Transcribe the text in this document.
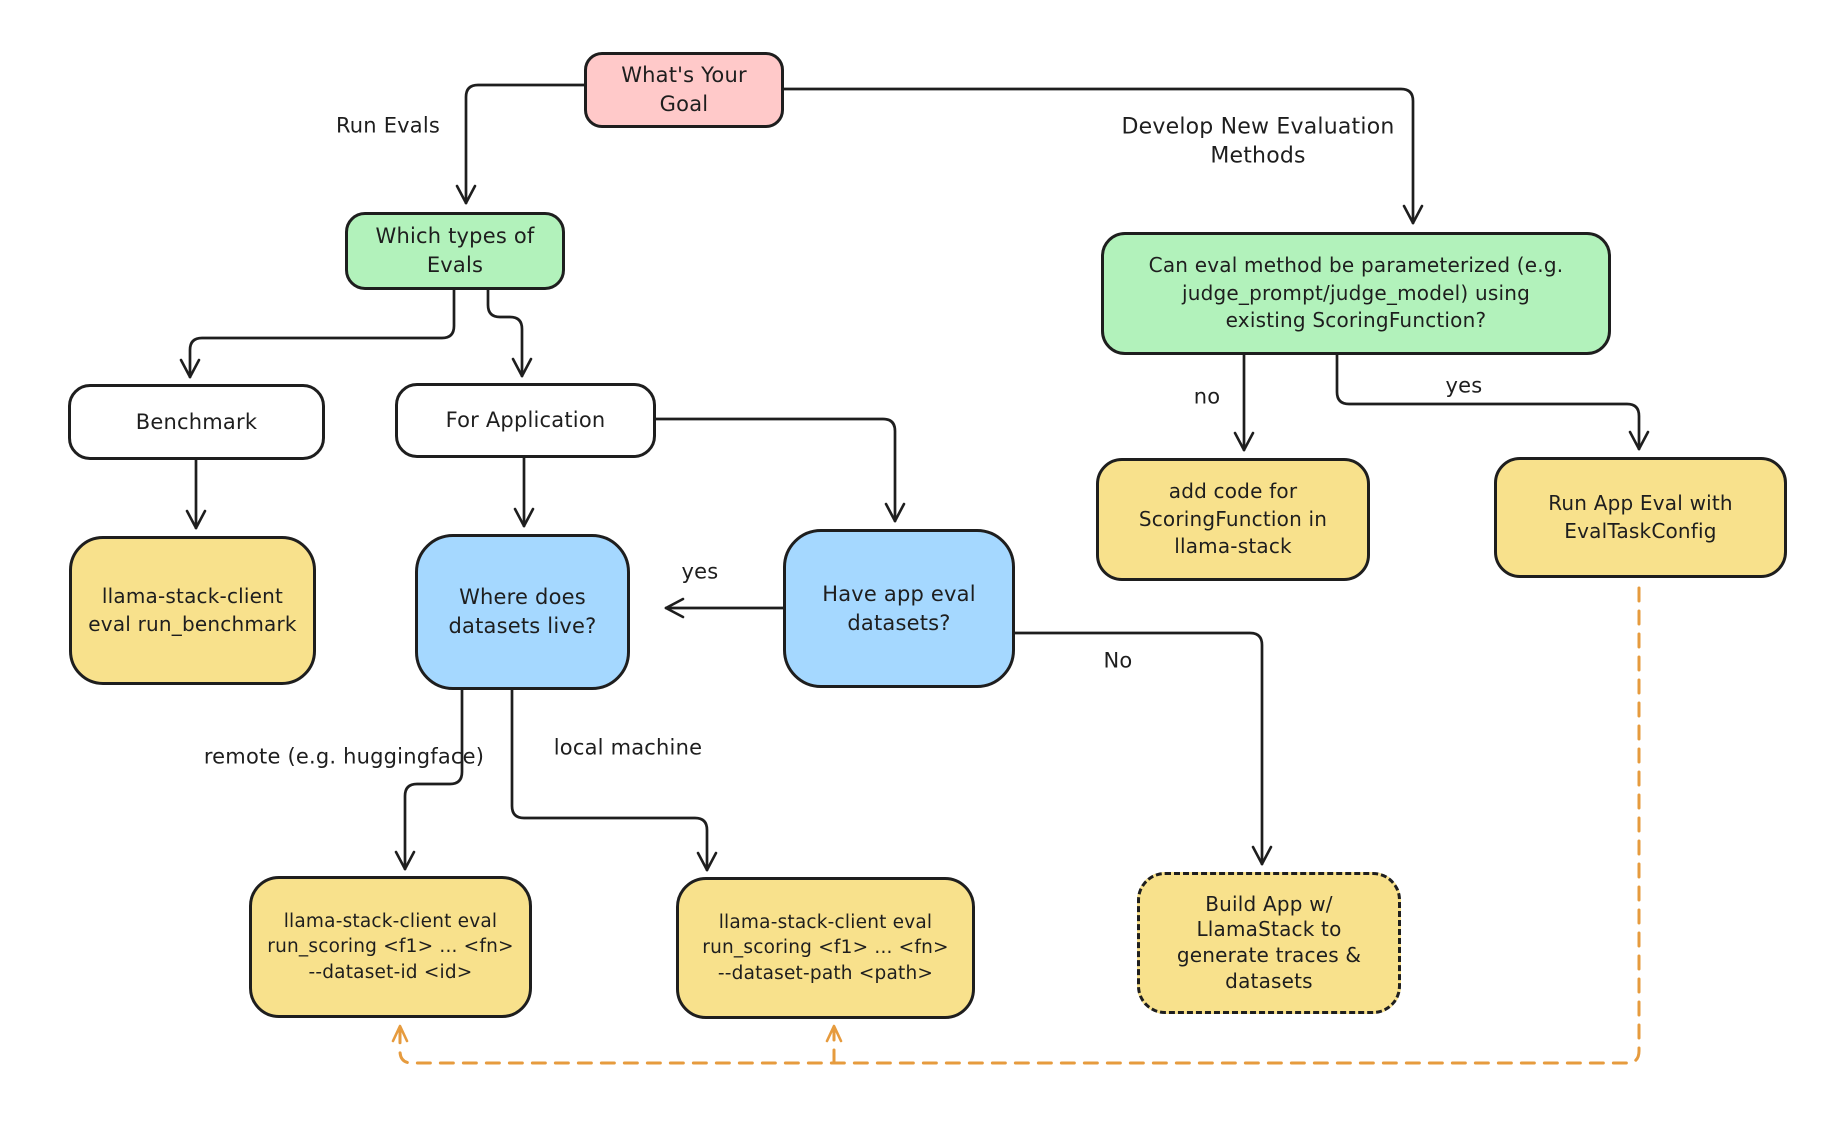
What's Your
Goal
Which types of
Evals
Benchmark	For Application
llama-stack-client
eval run_benchmark
Where does
datasets live?
Have app eval
datasets?
llama-stack-client eval
run_scoring <f1> ... <fn>
--dataset-id <id>
llama-stack-client eval
run_scoring <f1> ... <fn>
--dataset-path <path>
Build App w/
LlamaStack to
generate traces &
datasets
Can eval method be parameterized (e.g.
judge_prompt/judge_model) using
existing ScoringFunction?
add code for
ScoringFunction in
llama-stack
Run App Eval with
EvalTaskConfig
Run Evals	Develop New Evaluation
Methods
yes
No
remote (e.g. huggingface)	local machine
no	yes
